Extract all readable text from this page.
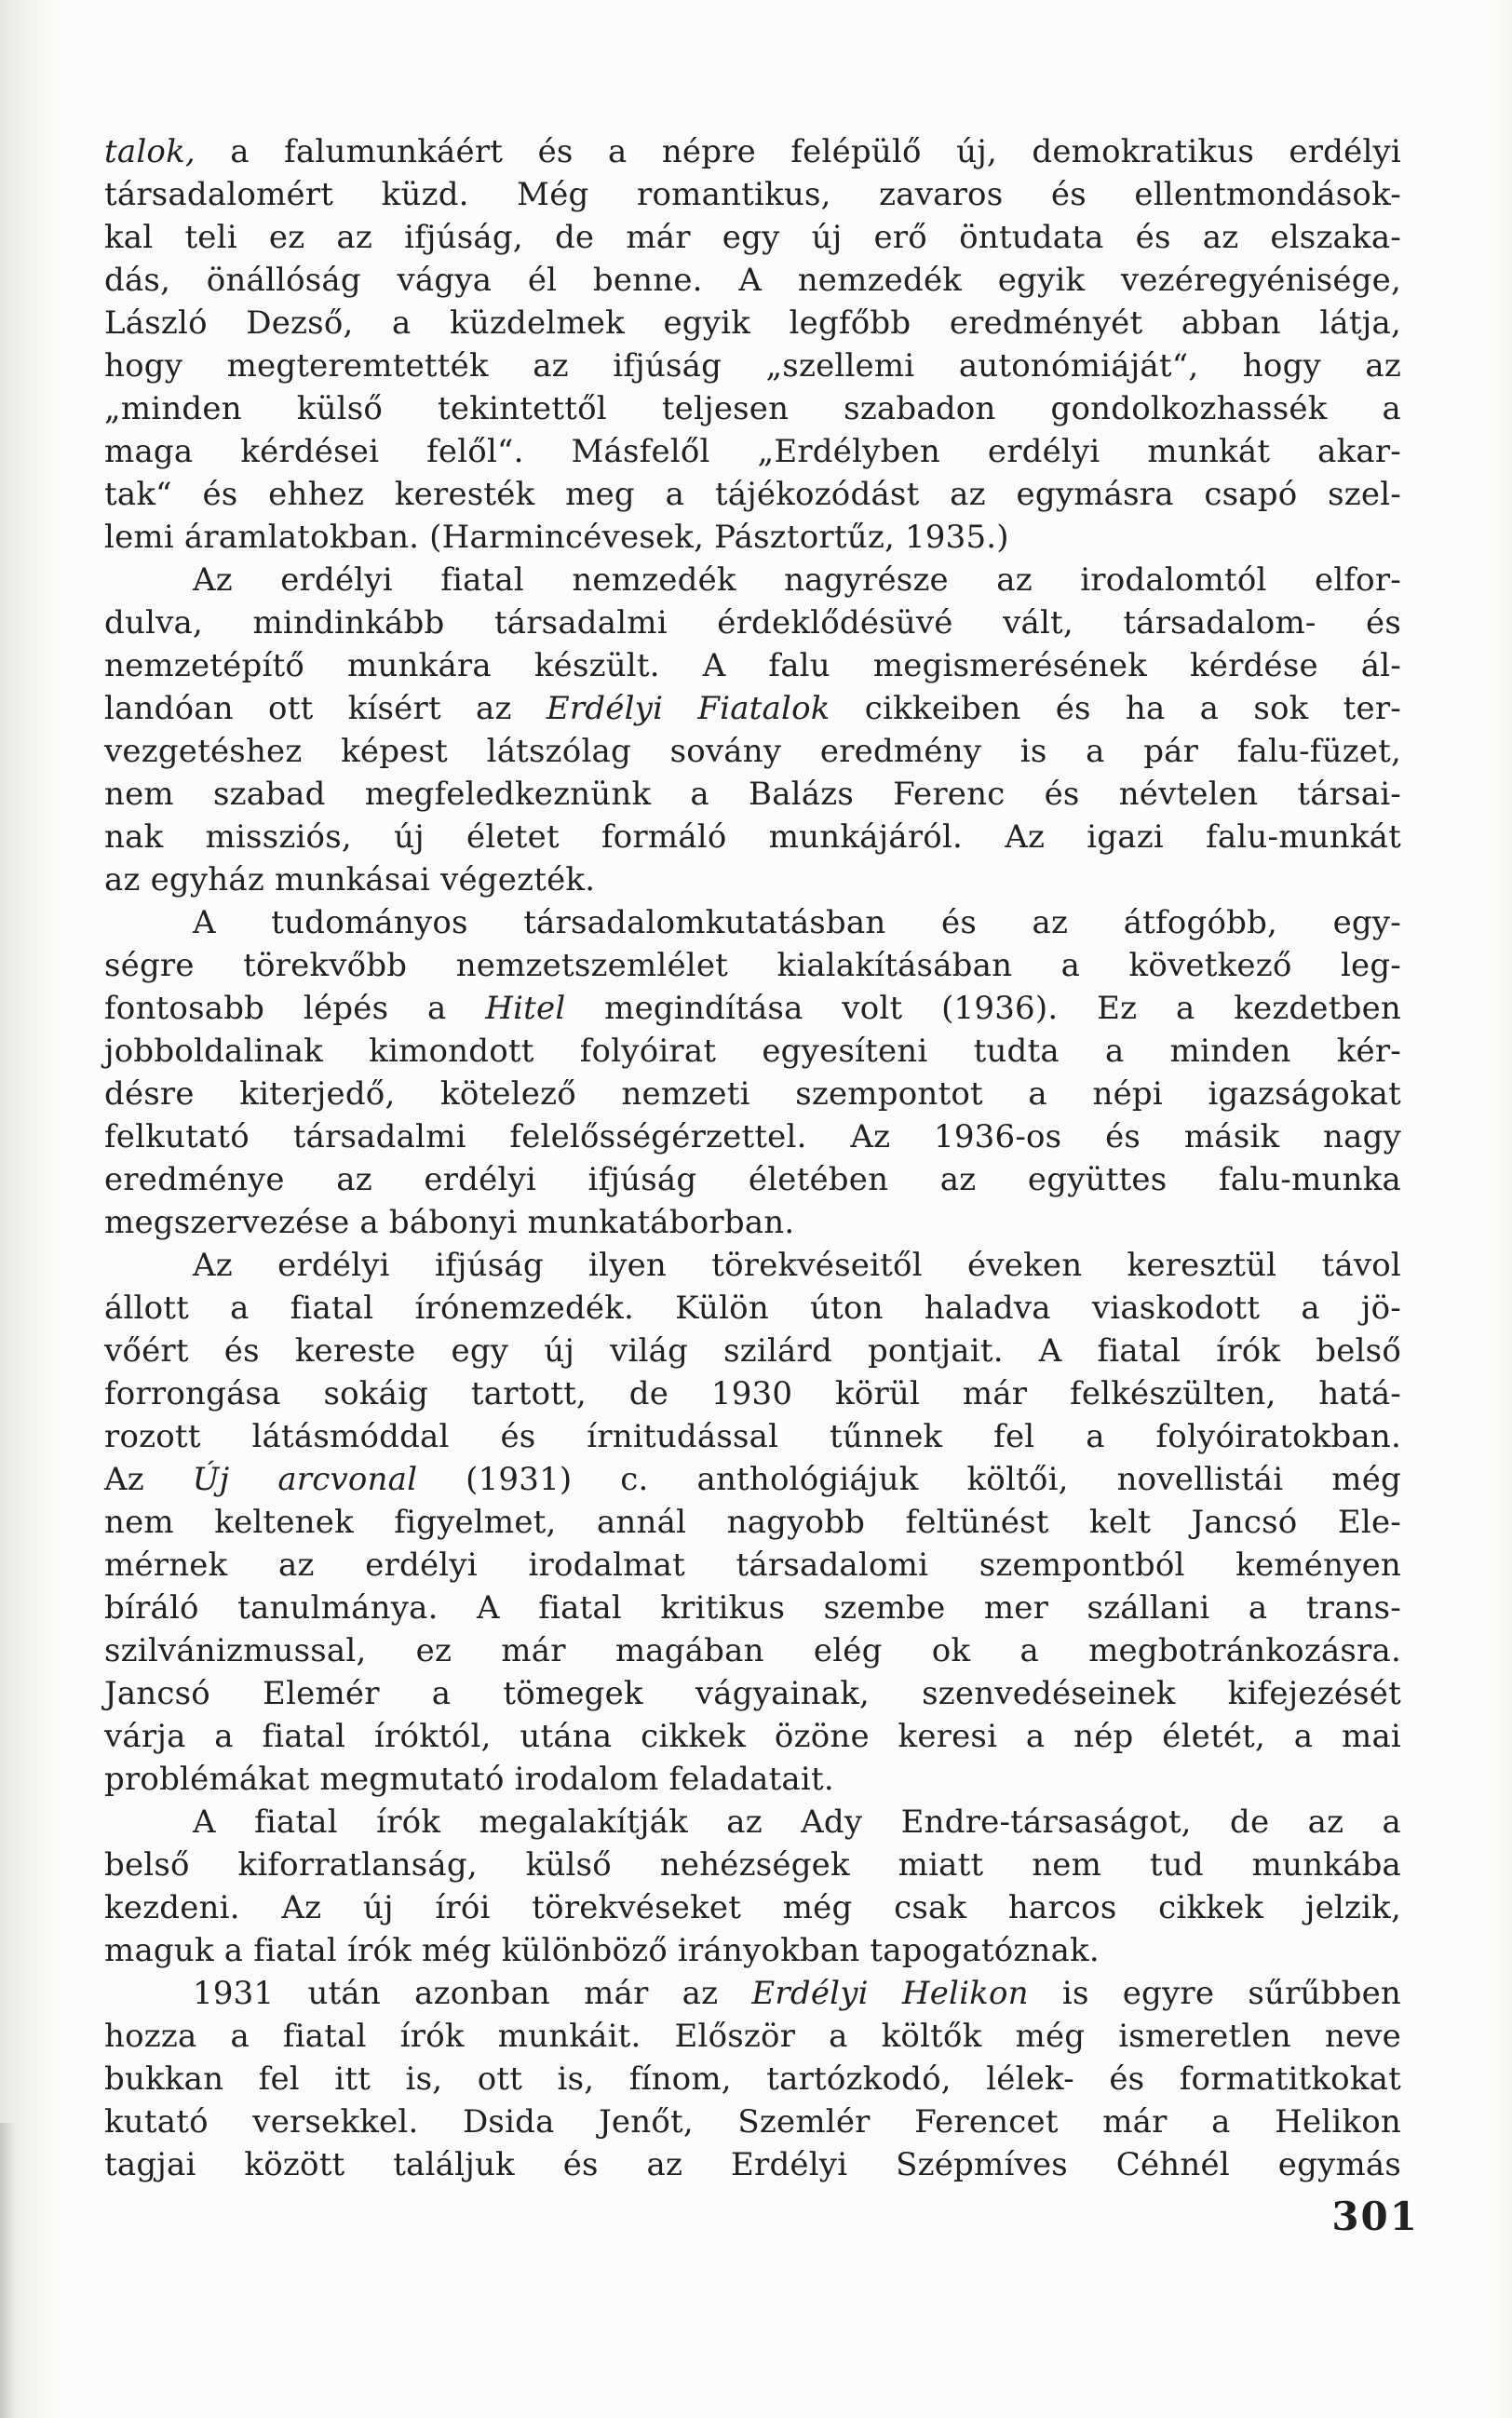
talok, a falumunkáért és a népre felépülő új, demokratikus erdélyi
társadalomért küzd. Még romantikus, zavaros és ellentmondások-
kal teli ez az ifjúság, de már egy új erő öntudata és az elszaka-
dás, önállóság vágya él benne. A nemzedék egyik vezéregyénisége,
László Dezső, a küzdelmek egyik legfőbb eredményét abban látja,
hogy megteremtették az ifjúság „szellemi autonómiáját“, hogy az
„minden külső tekintettől teljesen szabadon gondolkozhassék a
maga kérdései felől“. Másfelől „Erdélyben erdélyi munkát akar-
tak“ és ehhez keresték meg a tájékozódást az egymásra csapó szel-
lemi áramlatokban. (Harmincévesek, Pásztortűz, 1935.)
Az erdélyi fiatal nemzedék nagyrésze az irodalomtól elfor-
dulva, mindinkább társadalmi érdeklődésüvé vált, társadalom- és
nemzetépítő munkára készült. A falu megismerésének kérdése ál-
landóan ott kísért az Erdélyi Fiatalok cikkeiben és ha a sok ter-
vezgetéshez képest látszólag sovány eredmény is a pár falu-füzet,
nem szabad megfeledkeznünk a Balázs Ferenc és névtelen társai-
nak missziós, új életet formáló munkájáról. Az igazi falu-munkát
az egyház munkásai végezték.
A tudományos társadalomkutatásban és az átfogóbb, egy-
ségre törekvőbb nemzetszemlélet kialakításában a következő leg-
fontosabb lépés a Hitel megindítása volt (1936). Ez a kezdetben
jobboldalinak kimondott folyóirat egyesíteni tudta a minden kér-
désre kiterjedő, kötelező nemzeti szempontot a népi igazságokat
felkutató társadalmi felelősségérzettel. Az 1936-os és másik nagy
eredménye az erdélyi ifjúság életében az együttes falu-munka
megszervezése a bábonyi munkatáborban.
Az erdélyi ifjúság ilyen törekvéseitől éveken keresztül távol
állott a fiatal írónemzedék. Külön úton haladva viaskodott a jö-
vőért és kereste egy új világ szilárd pontjait. A fiatal írók belső
forrongása sokáig tartott, de 1930 körül már felkészülten, hatá-
rozott látásmóddal és írnitudással tűnnek fel a folyóiratokban.
Az Új arcvonal (1931) c. anthológiájuk költői, novellistái még
nem keltenek figyelmet, annál nagyobb feltünést kelt Jancsó Ele-
mérnek az erdélyi irodalmat társadalomi szempontból keményen
bíráló tanulmánya. A fiatal kritikus szembe mer szállani a trans-
szilvánizmussal, ez már magában elég ok a megbotránkozásra.
Jancsó Elemér a tömegek vágyainak, szenvedéseinek kifejezését
várja a fiatal íróktól, utána cikkek özöne keresi a nép életét, a mai
problémákat megmutató irodalom feladatait.
A fiatal írók megalakítják az Ady Endre-társaságot, de az a
belső kiforratlanság, külső nehézségek miatt nem tud munkába
kezdeni. Az új írói törekvéseket még csak harcos cikkek jelzik,
maguk a fiatal írók még különböző irányokban tapogatóznak.
1931 után azonban már az Erdélyi Helikon is egyre sűrűbben
hozza a fiatal írók munkáit. Először a költők még ismeretlen neve
bukkan fel itt is, ott is, fínom, tartózkodó, lélek- és formatitkokat
kutató versekkel. Dsida Jenőt, Szemlér Ferencet már a Helikon
tagjai között találjuk és az Erdélyi Szépmíves Céhnél egymás
301
